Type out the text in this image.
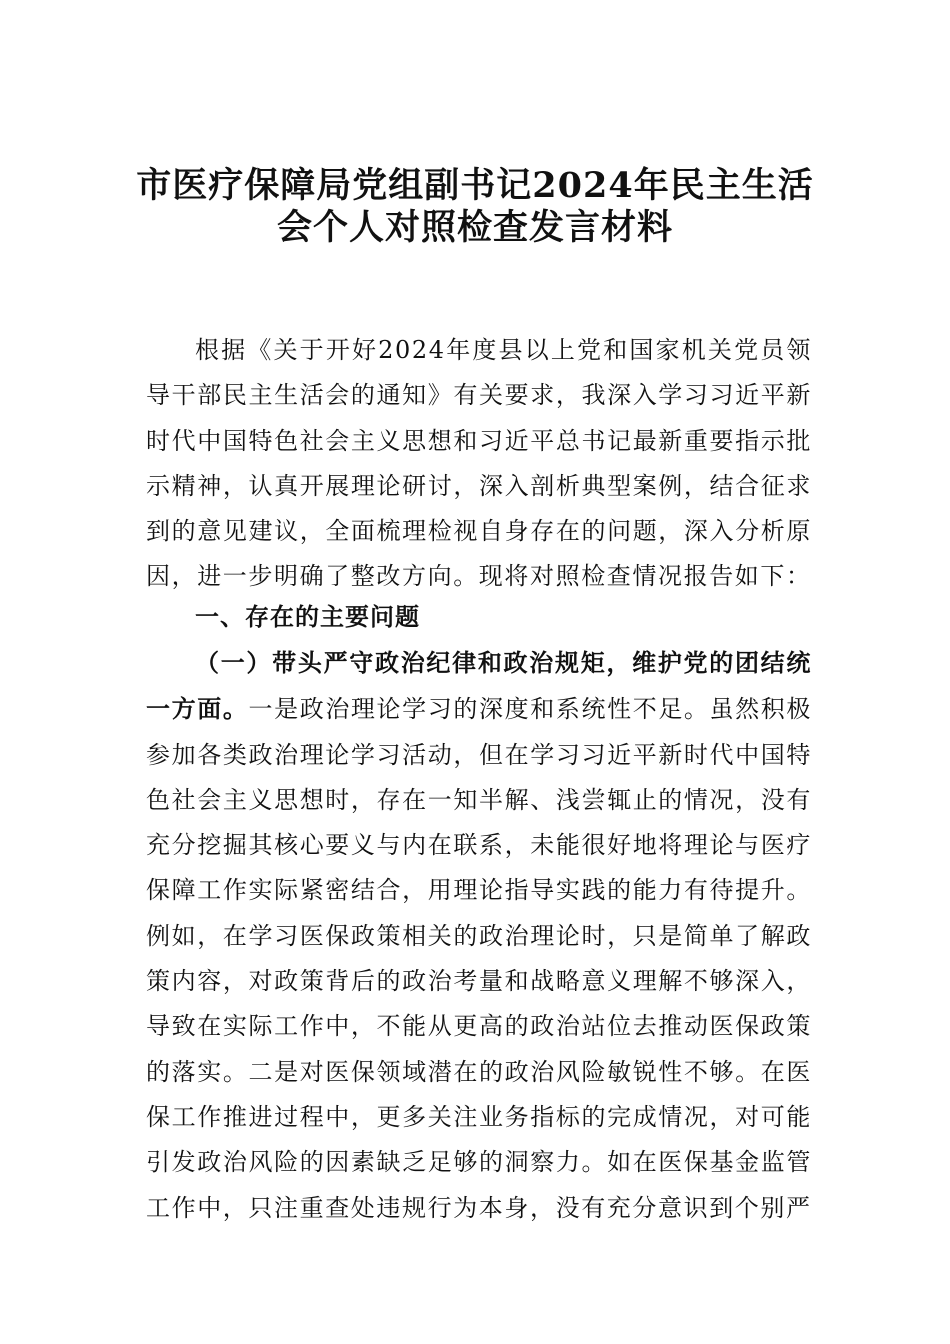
市医疗保障局党组副书记2024年民主生活
会个人对照检查发言材料

根据《关于开好2024年度县以上党和国家机关党员领导干部民主生活会的通知》有关要求，我深入学习习近平新时代中国特色社会主义思想和习近平总书记最新重要指示批示精神，认真开展理论研讨，深入剖析典型案例，结合征求到的意见建议，全面梳理检视自身存在的问题，深入分析原因，进一步明确了整改方向。现将对照检查情况报告如下：

一、存在的主要问题

（一）带头严守政治纪律和政治规矩，维护党的团结统一方面。一是政治理论学习的深度和系统性不足。虽然积极参加各类政治理论学习活动，但在学习习近平新时代中国特色社会主义思想时，存在一知半解、浅尝辄止的情况，没有充分挖掘其核心要义与内在联系，未能很好地将理论与医疗保障工作实际紧密结合，用理论指导实践的能力有待提升。例如，在学习医保政策相关的政治理论时，只是简单了解政策内容，对政策背后的政治考量和战略意义理解不够深入，导致在实际工作中，不能从更高的政治站位去推动医保政策的落实。二是对医保领域潜在的政治风险敏锐性不够。在医保工作推进过程中，更多关注业务指标的完成情况，对可能引发政治风险的因素缺乏足够的洞察力。如在医保基金监管工作中，只注重查处违规行为本身，没有充分意识到个别严
